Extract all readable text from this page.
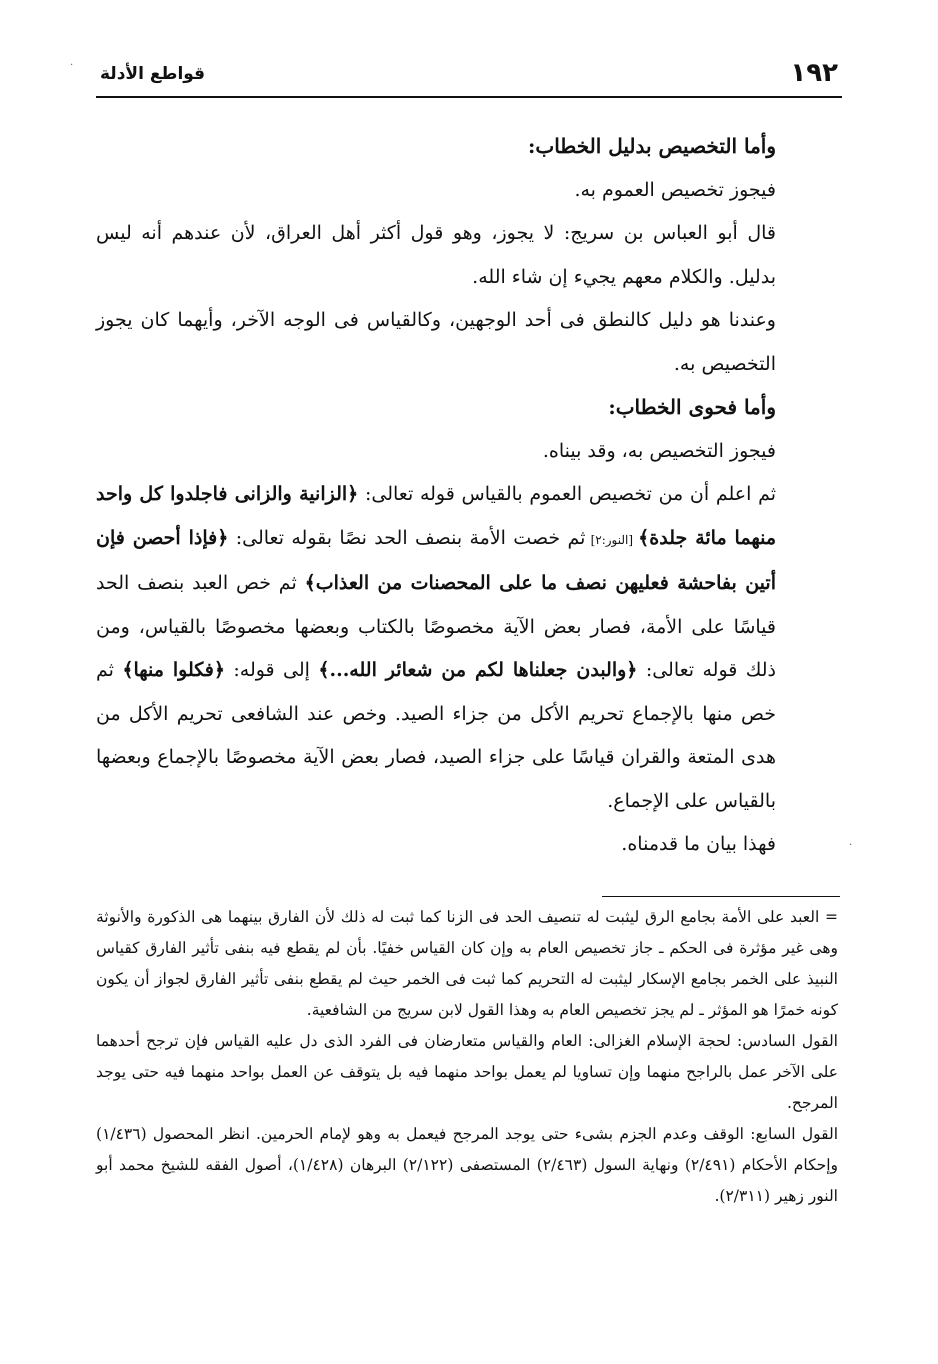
·
·
١٩٢
قواطع الأدلة

وأما التخصيص بدليل الخطاب:

فيجوز تخصيص العموم به.

قال أبو العباس بن سريج: لا يجوز، وهو قول أكثر أهل العراق، لأن عندهم أنه ليس بدليل. والكلام معهم يجيء إن شاء الله.

وعندنا هو دليل كالنطق فى أحد الوجهين، وكالقياس فى الوجه الآخر، وأيهما كان يجوز التخصيص به.

وأما فحوى الخطاب:

فيجوز التخصيص به، وقد بيناه.

ثم اعلم أن من تخصيص العموم بالقياس قوله تعالى: ﴿الزانية والزانى فاجلدوا كل واحد منهما مائة جلدة﴾ [النور:٢] ثم خصت الأمة بنصف الحد نصًا بقوله تعالى: ﴿فإذا أحصن فإن أتين بفاحشة فعليهن نصف ما على المحصنات من العذاب﴾ ثم خص العبد بنصف الحد قياسًا على الأمة، فصار بعض الآية مخصوصًا بالكتاب وبعضها مخصوصًا بالقياس، ومن ذلك قوله تعالى: ﴿والبدن جعلناها لكم من شعائر الله...﴾ إلى قوله: ﴿فكلوا منها﴾ ثم خص منها بالإجماع تحريم الأكل من جزاء الصيد. وخص عند الشافعى تحريم الأكل من هدى المتعة والقران قياسًا على جزاء الصيد، فصار بعض الآية مخصوصًا بالإجماع وبعضها بالقياس على الإجماع.

فهذا بيان ما قدمناه.

= العبد على الأمة بجامع الرق ليثبت له تنصيف الحد فى الزنا كما ثبت له ذلك لأن الفارق بينهما هى الذكورة والأنوثة وهى غير مؤثرة فى الحكم ـ جاز تخصيص العام به وإن كان القياس خفيًا. بأن لم يقطع فيه بنفى تأثير الفارق كقياس النبيذ على الخمر بجامع الإسكار ليثبت له التحريم كما ثبت فى الخمر حيث لم يقطع بنفى تأثير الفارق لجواز أن يكون كونه خمرًا هو المؤثر ـ لم يجز تخصيص العام به وهذا القول لابن سريج من الشافعية.

القول السادس: لحجة الإسلام الغزالى: العام والقياس متعارضان فى الفرد الذى دل عليه القياس فإن ترجح أحدهما على الآخر عمل بالراجح منهما وإن تساويا لم يعمل بواحد منهما فيه بل يتوقف عن العمل بواحد منهما فيه حتى يوجد المرجح.

القول السابع: الوقف وعدم الجزم بشىء حتى يوجد المرجح فيعمل به وهو لإمام الحرمين. انظر المحصول (١/٤٣٦) وإحكام الأحكام (٢/٤٩١) ونهاية السول (٢/٤٦٣) المستصفى (٢/١٢٢) البرهان (١/٤٢٨)، أصول الفقه للشيخ محمد أبو النور زهير (٢/٣١١).
